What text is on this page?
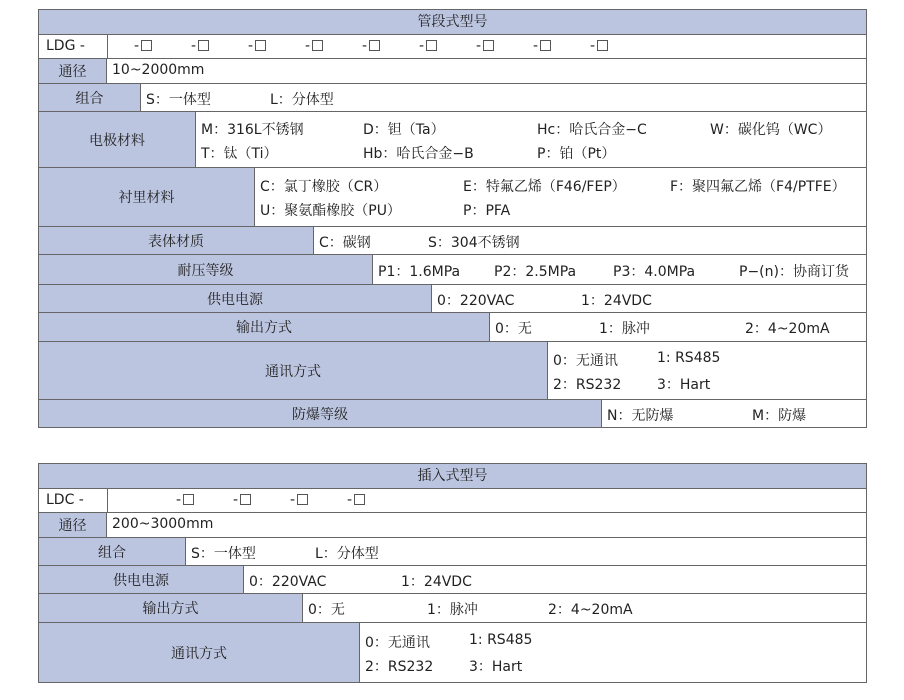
管段式型号
LDG -	-	-	-	-	-	-	-	-	-
通径	10~2000mm
组合	S：一体型	L：分体型
电极材料
M：316L不锈钢	D：钽（Ta）	Hc：哈氏合金−C	W：碳化钨（WC）
T：钛（Ti）	Hb：哈氏合金−B	P：铂（Pt）
衬里材料
C：氯丁橡胶（CR）	E：特氟乙烯（F46/FEP）	F：聚四氟乙烯（F4/PTFE）
U：聚氨酯橡胶（PU）	P：PFA
表体材质	C：碳钢	S：304不锈钢
耐压等级	P1：1.6MPa P2：2.5MPa	P3：4.0MPa	P−(n)：协商订货
供电电源	0：220VAC	1：24VDC
输出方式	0：无	1：脉冲	2：4~20mA
通讯方式
0：无通讯	1: RS485
2：RS232	3：Hart
防爆等级	N：无防爆	M：防爆
插入式型号
LDC -	-	-	-	-
通径	200~3000mm
组合	S：一体型	L：分体型
供电电源	0：220VAC	1：24VDC
输出方式	0：无	1：脉冲	2：4~20mA
通讯方式
0：无通讯	1: RS485
2：RS232	3：Hart
